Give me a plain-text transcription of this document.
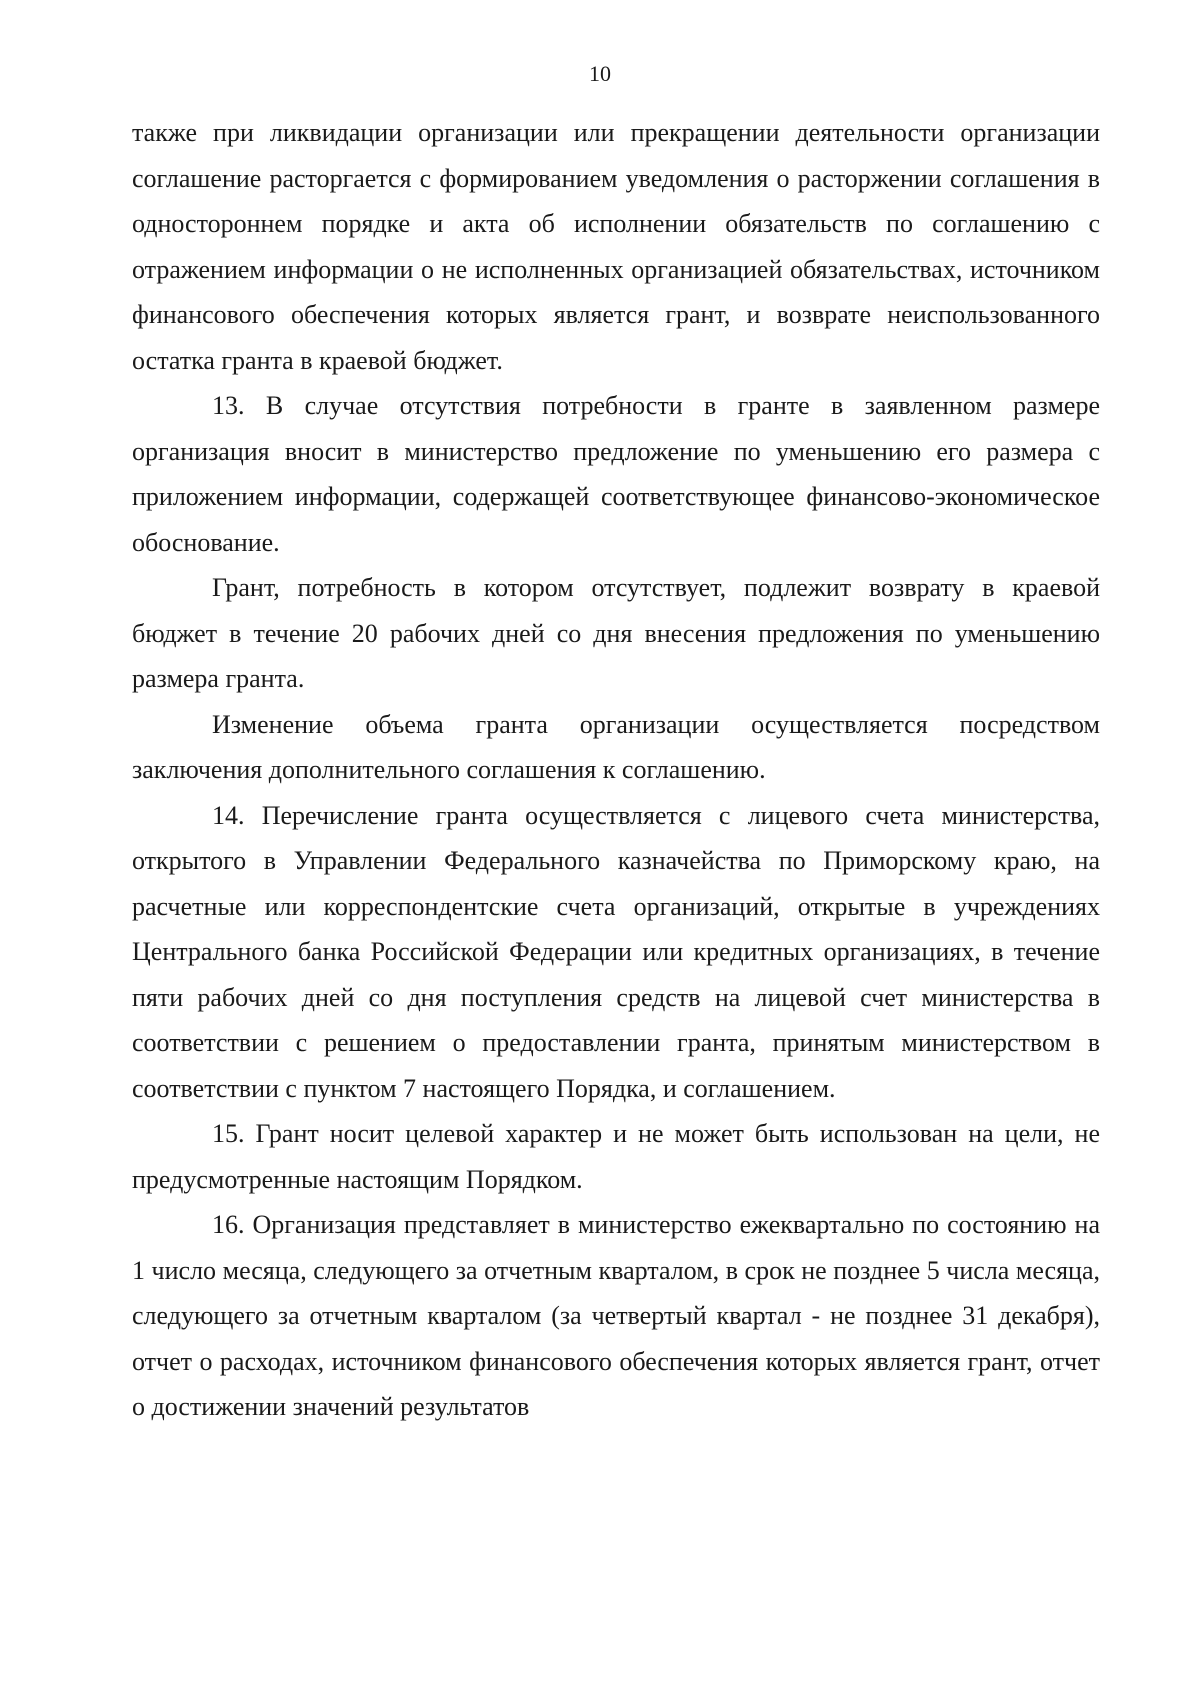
10

также при ликвидации организации или прекращении деятельности организации соглашение расторгается с формированием уведомления о расторжении соглашения в одностороннем порядке и акта об исполнении обязательств по соглашению с отражением информации о не исполненных организацией обязательствах, источником финансового обеспечения которых является грант, и возврате неиспользованного остатка гранта в краевой бюджет.

13. В случае отсутствия потребности в гранте в заявленном размере организация вносит в министерство предложение по уменьшению его размера с приложением информации, содержащей соответствующее финансово-экономическое обоснование.

Грант, потребность в котором отсутствует, подлежит возврату в краевой бюджет в течение 20 рабочих дней со дня внесения предложения по уменьшению размера гранта.

Изменение объема гранта организации осуществляется посредством заключения дополнительного соглашения к соглашению.

14. Перечисление гранта осуществляется с лицевого счета министерства, открытого в Управлении Федерального казначейства по Приморскому краю, на расчетные или корреспондентские счета организаций, открытые в учреждениях Центрального банка Российской Федерации или кредитных организациях, в течение пяти рабочих дней со дня поступления средств на лицевой счет министерства в соответствии с решением о предоставлении гранта, принятым министерством в соответствии с пунктом 7 настоящего Порядка, и соглашением.

15. Грант носит целевой характер и не может быть использован на цели, не предусмотренные настоящим Порядком.

16. Организация представляет в министерство ежеквартально по состоянию на 1 число месяца, следующего за отчетным кварталом, в срок не позднее 5 числа месяца, следующего за отчетным кварталом (за четвертый квартал - не позднее 31 декабря), отчет о расходах, источником финансового обеспечения которых является грант, отчет о достижении значений результатов
